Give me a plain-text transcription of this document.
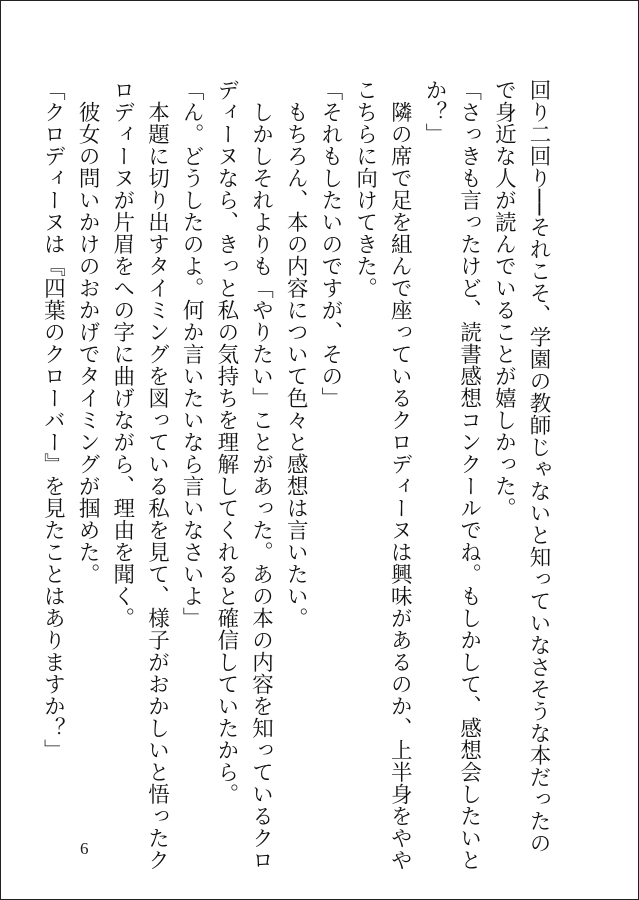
回り二回り──それこそ、学園の教師じゃないと知っていなさそうな本だったの
で身近な人が読んでいることが嬉しかった。
「さっきも言ったけど、読書感想コンクールでね。もしかして、感想会したいと
か？」
　隣の席で足を組んで座っているクロディーヌは興味があるのか、上半身をやや
こちらに向けてきた。
「それもしたいのですが、その」
　もちろん、本の内容について色々と感想は言いたい。
　しかしそれよりも「やりたい」ことがあった。あの本の内容を知っているクロ
ディーヌなら、きっと私の気持ちを理解してくれると確信していたから。
「ん。どうしたのよ。何か言いたいなら言いなさいよ」
　本題に切り出すタイミングを図っている私を見て、様子がおかしいと悟ったク
ロディーヌが片眉をへの字に曲げながら、理由を聞く。
　彼女の問いかけのおかげでタイミングが掴めた。
「クロディーヌは『四葉のクローバー』を見たことはありますか？」
6
